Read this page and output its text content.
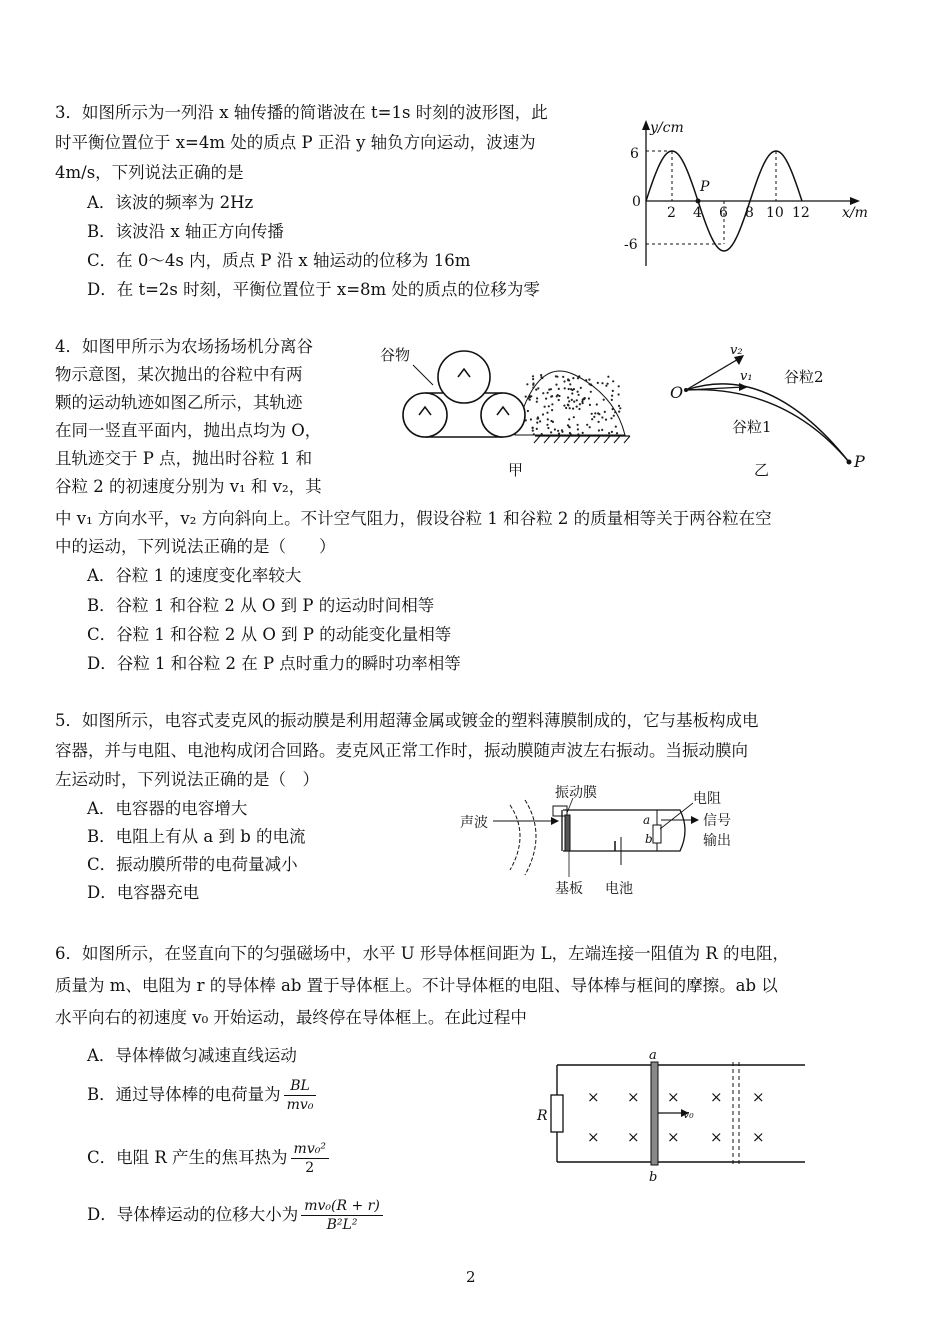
3．如图所示为一列沿 x 轴传播的简谐波在 t=1s 时刻的波形图，此
时平衡位置位于 x=4m 处的质点 P 正沿 y 轴负方向运动，波速为
4m/s，下列说法正确的是
A．该波的频率为 2Hz
B．该波沿 x 轴正方向传播
C．在 0～4s 内，质点 P 沿 x 轴运动的位移为 16m
D．在 t=2s 时刻，平衡位置位于 x=8m 处的质点的位移为零
P
y/cm
x/m
0
6
-6
2 4 6 8 10 12
4．如图甲所示为农场扬场机分离谷
物示意图，某次抛出的谷粒中有两
颗的运动轨迹如图乙所示，其轨迹
在同一竖直平面内，抛出点均为 O，
且轨迹交于 P 点，抛出时谷粒 1 和
谷粒 2 的初速度分别为 v₁ 和 v₂，其
中 v₁ 方向水平，v₂ 方向斜向上。不计空气阻力，假设谷粒 1 和谷粒 2 的质量相等关于两谷粒在空
中的运动，下列说法正确的是（　　）
A．谷粒 1 的速度变化率较大
B．谷粒 1 和谷粒 2 从 O 到 P 的运动时间相等
C．谷粒 1 和谷粒 2 从 O 到 P 的动能变化量相等
D．谷粒 1 和谷粒 2 在 P 点时重力的瞬时功率相等
谷物
甲
O
v₁
v₂
谷粒2
谷粒1
P
乙
5．如图所示，电容式麦克风的振动膜是利用超薄金属或镀金的塑料薄膜制成的，它与基板构成电
容器，并与电阻、电池构成闭合回路。麦克风正常工作时，振动膜随声波左右振动。当振动膜向
左运动时，下列说法正确的是（　）
A．电容器的电容增大
B．电阻上有从 a 到 b 的电流
C．振动膜所带的电荷量减小
D．电容器充电
声波	a
b
振动膜	电阻
信号
输出
基板 电池
6．如图所示，在竖直向下的匀强磁场中，水平 U 形导体框间距为 L，左端连接一阻值为 R 的电阻，
质量为 m、电阻为 r 的导体棒 ab 置于导体框上。不计导体框的电阻、导体棒与框间的摩擦。ab 以
水平向右的初速度 v₀ 开始运动，最终停在导体框上。在此过程中
A．导体棒做匀减速直线运动
B．通过导体棒的电荷量为 $\frac{BL}{\text{mv₀}}$
C．电阻 R 产生的焦耳热为 $\frac{\text{mv₀²}}{2}$
D．导体棒运动的位移大小为 $\frac{\text{mv₀(R + r)}}{\text{B²L²}}$
R
a
b
v₀
× × × × ×
× × × × ×
2
